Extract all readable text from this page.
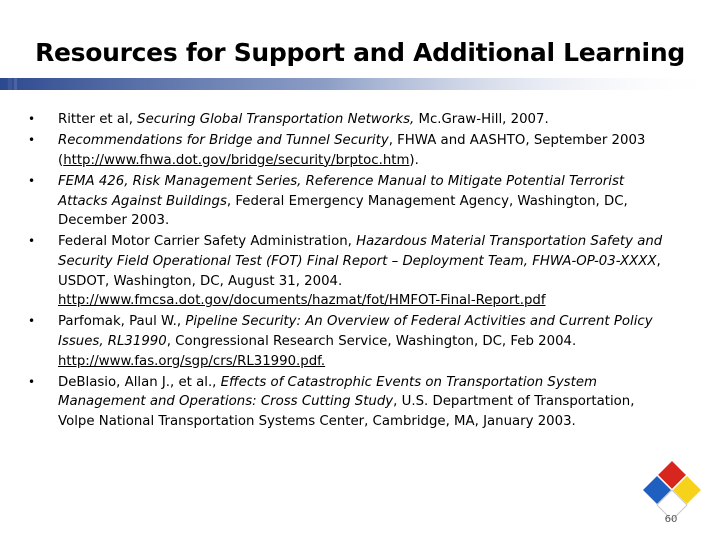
Resources for Support and Additional Learning
• Ritter et al, Securing Global Transportation Networks, Mc.Graw-Hill, 2007.
• Recommendations for Bridge and Tunnel Security, FHWA and AASHTO, September 2003 (http://www.fhwa.dot.gov/bridge/security/brptoc.htm).
• FEMA 426, Risk Management Series, Reference Manual to Mitigate Potential Terrorist Attacks Against Buildings, Federal Emergency Management Agency, Washington, DC, December 2003.
• Federal Motor Carrier Safety Administration, Hazardous Material Transportation Safety and Security Field Operational Test (FOT) Final Report – Deployment Team, FHWA-OP-03-XXXX, USDOT, Washington, DC, August 31, 2004. http://www.fmcsa.dot.gov/documents/hazmat/fot/HMFOT-Final-Report.pdf
• Parfomak, Paul W., Pipeline Security: An Overview of Federal Activities and Current Policy Issues, RL31990, Congressional Research Service, Washington, DC, Feb 2004. http://www.fas.org/sgp/crs/RL31990.pdf.
• DeBlasio, Allan J., et al., Effects of Catastrophic Events on Transportation System Management and Operations: Cross Cutting Study, U.S. Department of Transportation, Volpe National Transportation Systems Center, Cambridge, MA, January 2003.
60
